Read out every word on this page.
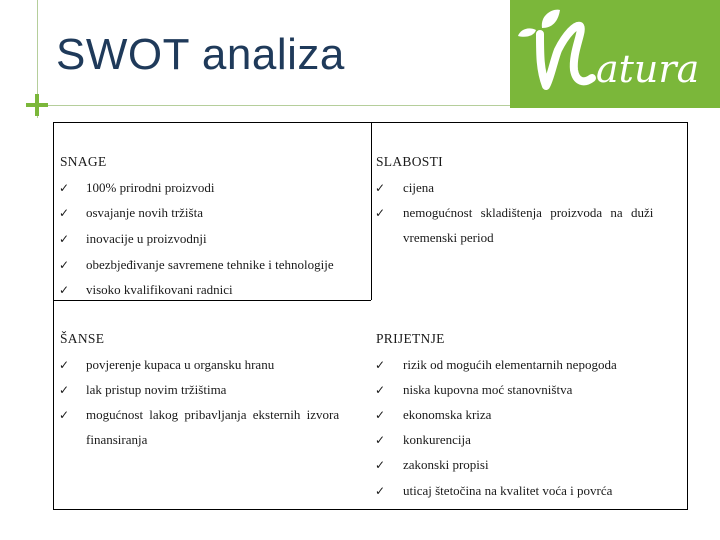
SWOT analiza	atura
SNAGE
✓ 100% prirodni proizvodi
✓ osvajanje novih tržišta
✓ inovacije u proizvodnji
✓ obezbjeđivanje savremene tehnike i tehnologije
✓ visoko kvalifikovani radnici
SLABOSTI
✓ cijena
✓ nemogućnost skladištenja proizvoda na duži
vremenski period
ŠANSE
✓ povjerenje kupaca u organsku hranu
✓ lak pristup novim tržištima
✓ mogućnost lakog pribavljanja eksternih izvora
finansiranja
PRIJETNJE
✓ rizik od mogućih elementarnih nepogoda
✓ niska kupovna moć stanovništva
✓ ekonomska kriza
✓ konkurencija
✓ zakonski propisi
✓ uticaj štetočina na kvalitet voća i povrća
